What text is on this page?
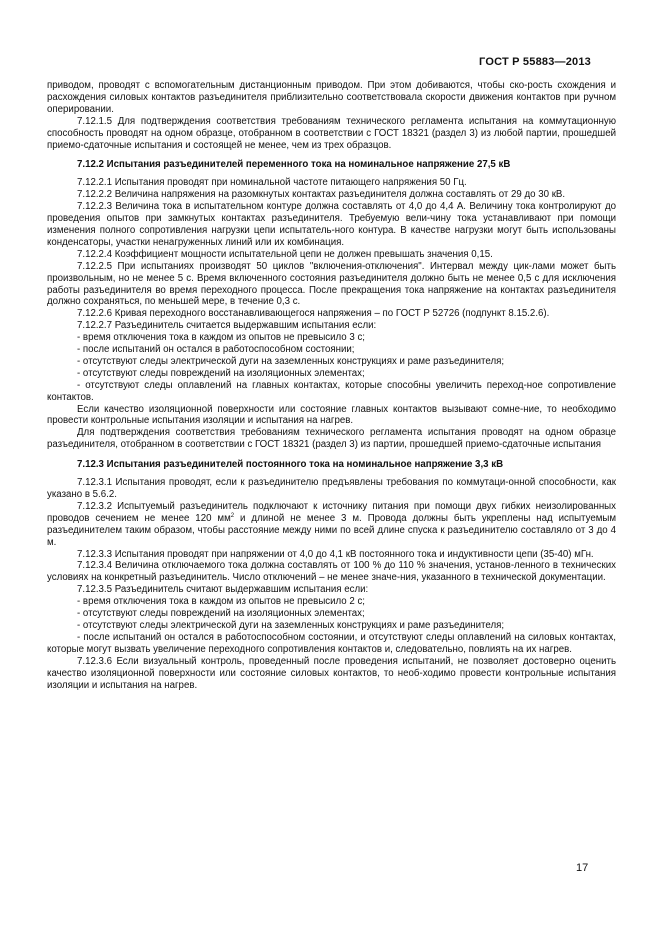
ГОСТ Р 55883—2013

приводом, проводят с вспомогательным дистанционным приводом. При этом добиваются, чтобы ско-рость схождения и расхождения силовых контактов разъединителя приблизительно соответствовала скорости движения контактов при ручном оперировании.

7.12.1.5 Для подтверждения соответствия требованиям технического регламента испытания на коммутационную способность проводят на одном образце, отобранном в соответствии с ГОСТ 18321 (раздел 3) из любой партии, прошедшей приемо-сдаточные испытания и состоящей не менее, чем из трех образцов.

7.12.2 Испытания разъединителей переменного тока на номинальное напряжение 27,5 кВ

7.12.2.1 Испытания проводят при номинальной частоте питающего напряжения 50 Гц.

7.12.2.2 Величина напряжения на разомкнутых контактах разъединителя должна составлять от 29 до 30 кВ.

7.12.2.3 Величина тока в испытательном контуре должна составлять от 4,0 до 4,4 А. Величину тока контролируют до проведения опытов при замкнутых контактах разъединителя. Требуемую вели-чину тока устанавливают при помощи изменения полного сопротивления нагрузки цепи испытатель-ного контура. В качестве нагрузки могут быть использованы конденсаторы, участки ненагруженных линий или их комбинация.

7.12.2.4 Коэффициент мощности испытательной цепи не должен превышать значения 0,15.

7.12.2.5 При испытаниях производят 50 циклов "включения-отключения". Интервал между цик-лами может быть произвольным, но не менее 5 с. Время включенного состояния разъединителя должно быть не менее 0,5 с для исключения работы разъединителя во время переходного процесса. После прекращения тока напряжение на контактах разъединителя должно сохраняться, по меньшей мере, в течение 0,3 с.

7.12.2.6 Кривая переходного восстанавливающегося напряжения – по ГОСТ Р 52726 (подпункт 8.15.2.6).

7.12.2.7 Разъединитель считается выдержавшим испытания если:

- время отключения тока в каждом из опытов не превысило 3 с;

- после испытаний он остался в работоспособном состоянии;

- отсутствуют следы электрической дуги на заземленных конструкциях и раме разъединителя;

- отсутствуют следы повреждений на изоляционных элементах;

- отсутствуют следы оплавлений на главных контактах, которые способны увеличить переход-ное сопротивление контактов.

Если качество изоляционной поверхности или состояние главных контактов вызывают сомне-ние, то необходимо провести контрольные испытания изоляции и испытания на нагрев.

Для подтверждения соответствия требованиям технического регламента испытания проводят на одном образце разъединителя, отобранном в соответствии с ГОСТ 18321 (раздел 3) из партии, прошедшей приемо-сдаточные испытания

7.12.3 Испытания разъединителей постоянного тока на номинальное напряжение 3,3 кВ

7.12.3.1 Испытания проводят, если к разъединителю предъявлены требования по коммутаци-онной способности, как указано в 5.6.2.

7.12.3.2 Испытуемый разъединитель подключают к источнику питания при помощи двух гибких неизолированных проводов сечением не менее 120 $мм^2$ и длиной не менее 3 м. Провода должны быть укреплены над испытуемым разъединителем таким образом, чтобы расстояние между ними по всей длине спуска к разъединителю составляло от 3 до 4 м.

7.12.3.3 Испытания проводят при напряжении от 4,0 до 4,1 кВ постоянного тока и индуктивности цепи (35-40) мГн.

7.12.3.4 Величина отключаемого тока должна составлять от 100 % до 110 % значения, установ-ленного в технических условиях на конкретный разъединитель. Число отключений – не менее значе-ния, указанного в технической документации.

7.12.3.5 Разъединитель считают выдержавшим испытания если:

- время отключения тока в каждом из опытов не превысило 2 с;

- отсутствуют следы повреждений на изоляционных элементах;

- отсутствуют следы электрической дуги на заземленных конструкциях и раме разъединителя;

- после испытаний он остался в работоспособном состоянии, и отсутствуют следы оплавлений на силовых контактах, которые могут вызвать увеличение переходного сопротивления контактов и, следовательно, повлиять на их нагрев.

7.12.3.6 Если визуальный контроль, проведенный после проведения испытаний, не позволяет достоверно оценить качество изоляционной поверхности или состояние силовых контактов, то необ-ходимо провести контрольные испытания изоляции и испытания на нагрев.

17
